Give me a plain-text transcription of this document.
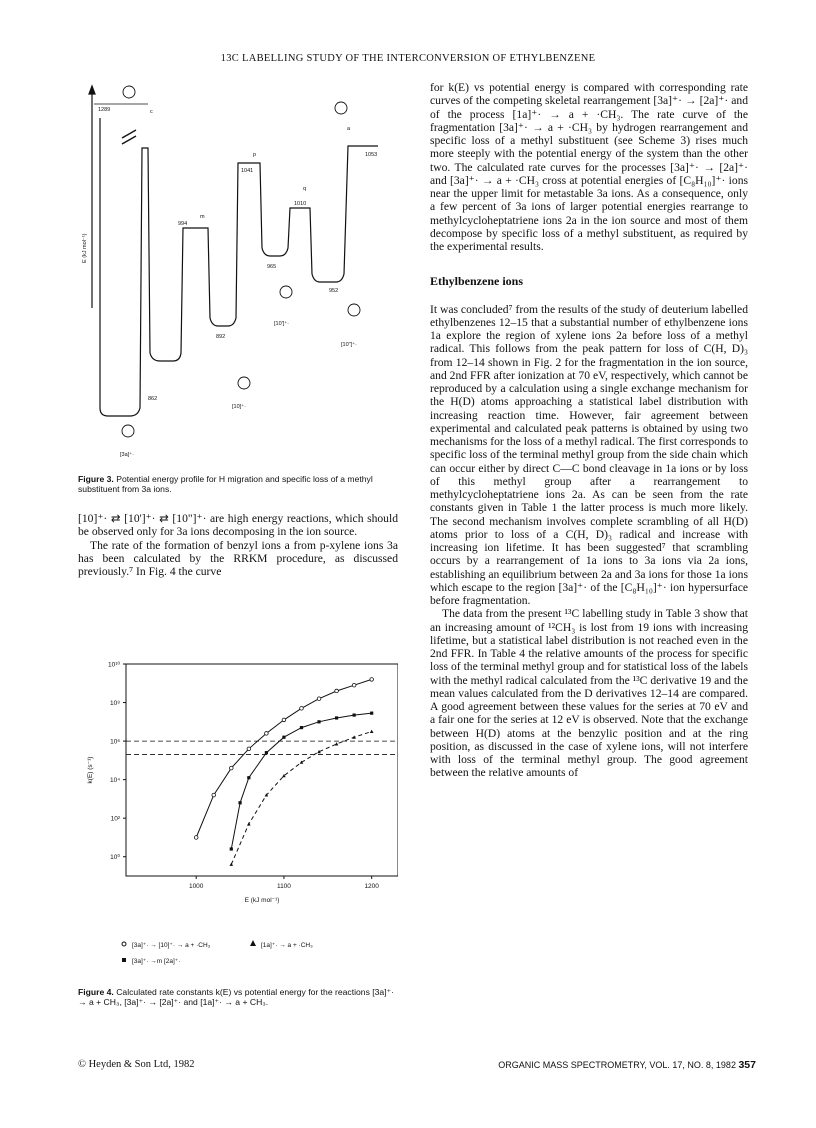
13C LABELLING STUDY OF THE INTERCONVERSION OF ETHYLBENZENE
1289
1053
1041
1010
994
965
952
892
862
c
p
q
m
a
[10]⁺·
[10']⁺·
[10"]⁺·
[3a]⁺·
E (kJ mol⁻¹)
Figure 3. Potential energy profile for H migration and specific loss of a methyl substituent from 3a ions.

[10]⁺· ⇄ [10']⁺· ⇄ [10"]⁺· are high energy reactions, which should be observed only for 3a ions decomposing in the ion source.

The rate of the formation of benzyl ions a from p-xylene ions 3a has been calculated by the RRKM procedure, as discussed previously.⁷ In Fig. 4 the curve

10¹⁰
10⁸
10⁶
10⁴
10²
10⁰
1000	1100	1200
E (kJ mol⁻¹)
k(E) (s⁻¹)
[3a]⁺· → [10]⁺· → a + ·CH₃	[1a]⁺· → a + ·CH₃
[3a]⁺· →m [2a]⁺·
Figure 4. Calculated rate constants k(E) vs potential energy for the reactions [3a]⁺· → a + CH₃, [3a]⁺· → [2a]⁺· and [1a]⁺· → a + CH₃.

for k(E) vs potential energy is compared with corresponding rate curves of the competing skeletal rearrangement [3a]⁺· → [2a]⁺· and of the process [1a]⁺· → a + ·CH₃. The rate curve of the fragmentation [3a]⁺· → a + ·CH₃ by hydrogen rearrangement and specific loss of a methyl substituent (see Scheme 3) rises much more steeply with the potential energy of the system than the other two. The calculated rate curves for the processes [3a]⁺· → [2a]⁺· and [3a]⁺· → a + ·CH₃ cross at potential energies of [C₈H₁₀]⁺· ions near the upper limit for metastable 3a ions. As a consequence, only a few percent of 3a ions of larger potential energies rearrange to methylcycloheptatriene ions 2a in the ion source and most of them decompose by specific loss of a methyl substituent, as required by the experimental results.

Ethylbenzene ions

It was concluded⁷ from the results of the study of deuterium labelled ethylbenzenes 12–15 that a substantial number of ethylbenzene ions 1a explore the region of xylene ions 2a before loss of a methyl radical. This follows from the peak pattern for loss of C(H, D)₃ from 12–14 shown in Fig. 2 for the fragmentation in the ion source, and 2nd FFR after ionization at 70 eV, respectively, which cannot be reproduced by a calculation using a single exchange mechanism for the H(D) atoms approaching a statistical label distribution with increasing reaction time. However, fair agreement between experimental and calculated peak patterns is obtained by using two mechanisms for the loss of a methyl radical. The first corresponds to specific loss of the terminal methyl group from the side chain which can occur either by direct C—C bond cleavage in 1a ions or by loss of this methyl group after a rearrangement to methylcycloheptatriene ions 2a. As can be seen from the rate constants given in Table 1 the latter process is much more likely. The second mechanism involves complete scrambling of all H(D) atoms prior to loss of a C(H, D)₃ radical and increase with increasing ion lifetime. It has been suggested⁷ that scrambling occurs by a rearrangement of 1a ions to 3a ions via 2a ions, establishing an equilibrium between 2a and 3a ions for those 1a ions which escape to the region [3a]⁺· of the [C₈H₁₀]⁺· ion hypersurface before fragmentation.

The data from the present ¹³C labelling study in Table 3 show that an increasing amount of ¹²CH₃ is lost from 19 ions with increasing lifetime, but a statistical label distribution is not reached even in the 2nd FFR. In Table 4 the relative amounts of the process for specific loss of the terminal methyl group and for statistical loss of the labels with the methyl radical calculated from the ¹³C derivative 19 and the mean values calculated from the D derivatives 12–14 are compared. A good agreement between these values for the series at 70 eV and a fair one for the series at 12 eV is observed. Note that the exchange between H(D) atoms at the benzylic position and at the ring position, as discussed in the case of xylene ions, will not interfere with loss of the terminal methyl group. The good agreement between the relative amounts of

© Heyden & Son Ltd, 1982	ORGANIC MASS SPECTROMETRY, VOL. 17, NO. 8, 1982 357
